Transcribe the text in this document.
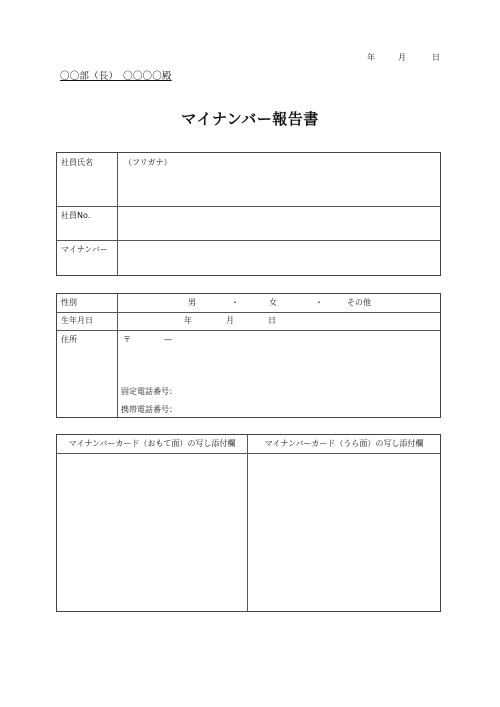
年	月	日
〇〇部（長）　〇〇〇〇殿
マイナンバー報告書
社員氏名	（フリガナ）
社員No.
マイナンバー
性別	男	・	女	・	その他
生年月日	年	月	日
住所	〒	—
固定電話番号：
携帯電話番号：
マイナンバーカード（おもて面）の写し添付欄	マイナンバーカード（うら面）の写し添付欄
